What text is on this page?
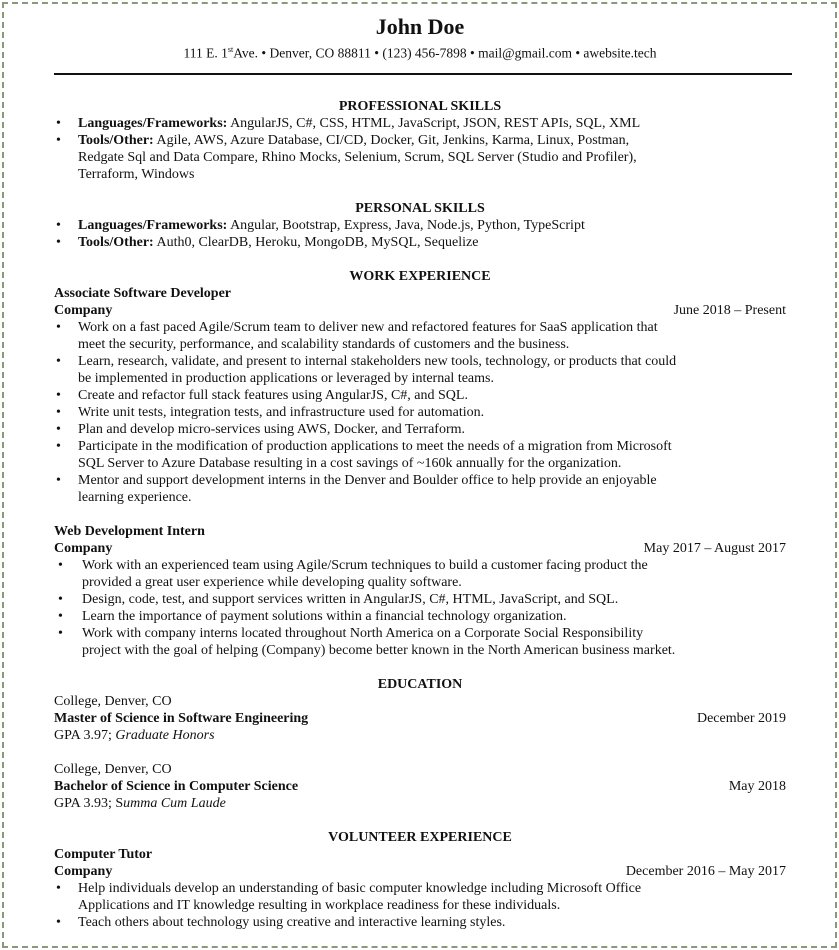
John Doe
111 E. 1stAve. • Denver, CO 88811 • (123) 456-7898 • mail@gmail.com • awebsite.tech
PROFESSIONAL SKILLS
• Languages/Frameworks: AngularJS, C#, CSS, HTML, JavaScript, JSON, REST APIs, SQL, XML
• Tools/Other: Agile, AWS, Azure Database, CI/CD, Docker, Git, Jenkins, Karma, Linux, Postman,
Redgate Sql and Data Compare, Rhino Mocks, Selenium, Scrum, SQL Server (Studio and Profiler),
Terraform, Windows
PERSONAL SKILLS
• Languages/Frameworks: Angular, Bootstrap, Express, Java, Node.js, Python, TypeScript
• Tools/Other: Auth0, ClearDB, Heroku, MongoDB, MySQL, Sequelize
WORK EXPERIENCE
Associate Software Developer
Company	June 2018 – Present
• Work on a fast paced Agile/Scrum team to deliver new and refactored features for SaaS application that
meet the security, performance, and scalability standards of customers and the business.
• Learn, research, validate, and present to internal stakeholders new tools, technology, or products that could
be implemented in production applications or leveraged by internal teams.
• Create and refactor full stack features using AngularJS, C#, and SQL.
• Write unit tests, integration tests, and infrastructure used for automation.
• Plan and develop micro-services using AWS, Docker, and Terraform.
• Participate in the modification of production applications to meet the needs of a migration from Microsoft
SQL Server to Azure Database resulting in a cost savings of ~160k annually for the organization.
• Mentor and support development interns in the Denver and Boulder office to help provide an enjoyable
learning experience.
Web Development Intern
Company	May 2017 – August 2017
• Work with an experienced team using Agile/Scrum techniques to build a customer facing product the
provided a great user experience while developing quality software.
• Design, code, test, and support services written in AngularJS, C#, HTML, JavaScript, and SQL.
• Learn the importance of payment solutions within a financial technology organization.
• Work with company interns located throughout North America on a Corporate Social Responsibility
project with the goal of helping (Company) become better known in the North American business market.
EDUCATION
College, Denver, CO
Master of Science in Software Engineering	December 2019
GPA 3.97; Graduate Honors
College, Denver, CO
Bachelor of Science in Computer Science	May 2018
GPA 3.93; Summa Cum Laude
VOLUNTEER EXPERIENCE
Computer Tutor
Company	December 2016 – May 2017
• Help individuals develop an understanding of basic computer knowledge including Microsoft Office
Applications and IT knowledge resulting in workplace readiness for these individuals.
• Teach others about technology using creative and interactive learning styles.
